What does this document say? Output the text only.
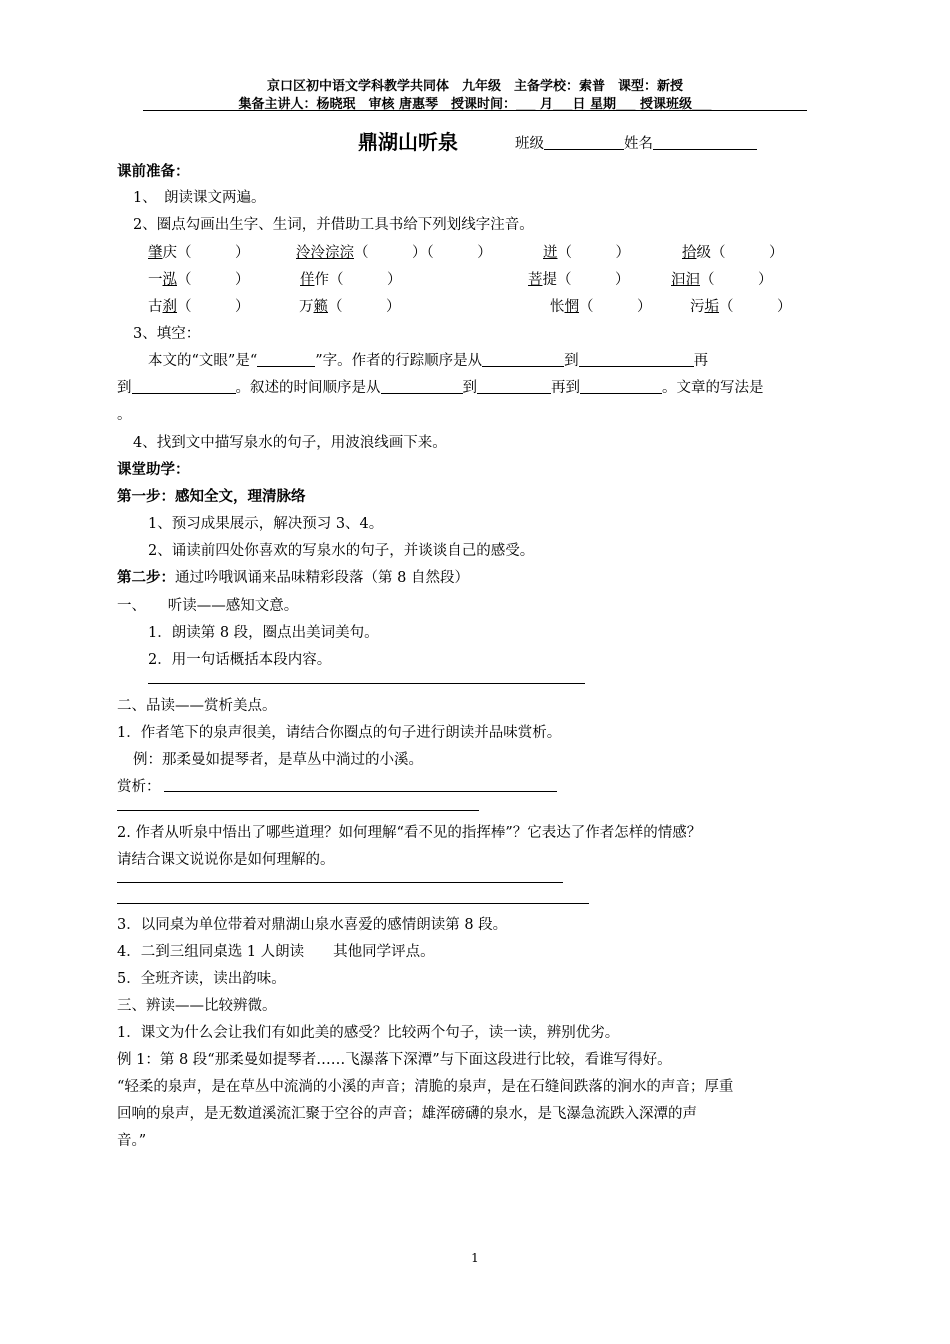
京口区初中语文学科教学共同体　九年级　主备学校：索普　课型：新授
集备主讲人：杨晓珉　审核 唐惠琴　授课时间：___ 月___日 星期___ 授课班级___
鼎湖山听泉	班级	姓名
课前准备：
1、　朗读课文两遍。
2、圈点勾画出生字、生词，并借助工具书给下列划线字注音。
肇庆（　　　）	泠泠淙淙（　　　）（　　　）	迸（　　　）	拾级（　　　）
一泓（　　　）	佯作（　　　）	菩提（　　　）	汩汩（　　　）
古刹（　　　）	万籁（　　　）	怅惘（　　　）	污垢（　　　）
3、填空：
本文的“文眼”是“	”字。作者的行踪顺序是从	到	再
到	。叙述的时间顺序是从	到	再到	。文章的写法是
。
4、找到文中描写泉水的句子，用波浪线画下来。
课堂助学：
第一步：感知全文，理清脉络
1、预习成果展示，解决预习 3、4。
2、诵读前四处你喜欢的写泉水的句子，并谈谈自己的感受。
第二步：通过吟哦讽诵来品味精彩段落（第 8 自然段）
一、　　听读——感知文意。
1．朗读第 8 段，圈点出美词美句。
2．用一句话概括本段内容。
二、品读——赏析美点。
1．作者笔下的泉声很美，请结合你圈点的句子进行朗读并品味赏析。
例：那柔曼如提琴者，是草丛中淌过的小溪。
赏析：
2. 作者从听泉中悟出了哪些道理？如何理解“看不见的指挥棒”？它表达了作者怎样的情感？
请结合课文说说你是如何理解的。
3．以同桌为单位带着对鼎湖山泉水喜爱的感情朗读第 8 段。
4．二到三组同桌选 1 人朗读　　其他同学评点。
5．全班齐读，读出韵味。
三、辨读——比较辨微。
1．课文为什么会让我们有如此美的感受？比较两个句子，读一读，辨别优劣。
例 1：第 8 段“那柔曼如提琴者……飞瀑落下深潭”与下面这段进行比较，看谁写得好。
“轻柔的泉声，是在草丛中流淌的小溪的声音；清脆的泉声，是在石缝间跌落的涧水的声音；厚重
回响的泉声，是无数道溪流汇聚于空谷的声音；雄浑磅礴的泉水，是飞瀑急流跌入深潭的声
音。”
1
